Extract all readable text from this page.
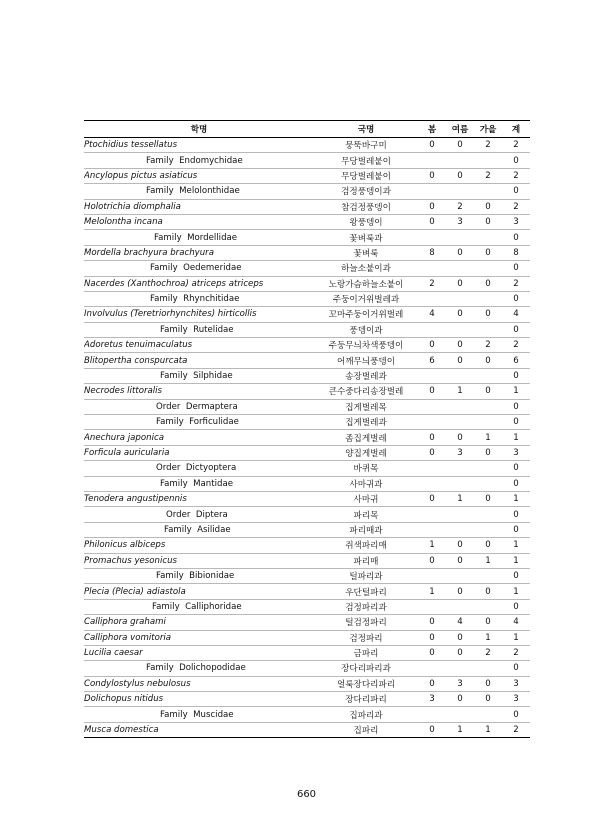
학명	국명	봄	여름	가을	계
Ptochidius tessellatus	뭉뚝바구미	0	0	2	2
Family  Endomychidae	무당벌레붙이				0
Ancylopus pictus asiaticus	무당벌레붙이	0	0	2	2
Family  Melolonthidae	검정풍뎅이과				0
Holotrichia diomphalia	참검정풍뎅이	0	2	0	2
Melolontha incana	왕풍뎅이	0	3	0	3
Family  Mordellidae	꽃벼룩과				0
Mordella brachyura brachyura	꽃벼룩	8	0	0	8
Family  Oedemeridae	하늘소붙이과				0
Nacerdes (Xanthochroa) atriceps atriceps	노랑가슴하늘소붙이	2	0	0	2
Family  Rhynchitidae	주둥이거위벌레과				0
Involvulus (Teretriorhynchites) hirticollis	꼬마주둥이거위벌레	4	0	0	4
Family  Rutelidae	풍뎅이과				0
Adoretus tenuimaculatus	주둥무늬차색풍뎅이	0	0	2	2
Blitopertha conspurcata	어깨무늬풍뎅이	6	0	0	6
Family  Silphidae	송장벌레과				0
Necrodes littoralis	큰수중다리송장벌레	0	1	0	1
Order  Dermaptera	집게벌레목				0
Family  Forficulidae	집게벌레과				0
Anechura japonica	좀집게벌레	0	0	1	1
Forficula auricularia	양집게벌레	0	3	0	3
Order  Dictyoptera	바퀴목				0
Family  Mantidae	사마귀과				0
Tenodera angustipennis	사마귀	0	1	0	1
Order  Diptera	파리목				0
Family  Asilidae	파리매과				0
Philonicus albiceps	쥐색파리매	1	0	0	1
Promachus yesonicus	파리매	0	0	1	1
Family  Bibionidae	털파리과				0
Plecia (Plecia) adiastola	우단털파리	1	0	0	1
Family  Calliphoridae	검정파리과				0
Calliphora grahami	털검정파리	0	4	0	4
Calliphora vomitoria	검정파리	0	0	1	1
Lucilia caesar	금파리	0	0	2	2
Family  Dolichopodidae	장다리파리과				0
Condylostylus nebulosus	얼룩장다리파리	0	3	0	3
Dolichopus nitidus	장다리파리	3	0	0	3
Family  Muscidae	집파리과				0
Musca domestica	집파리	0	1	1	2
660
